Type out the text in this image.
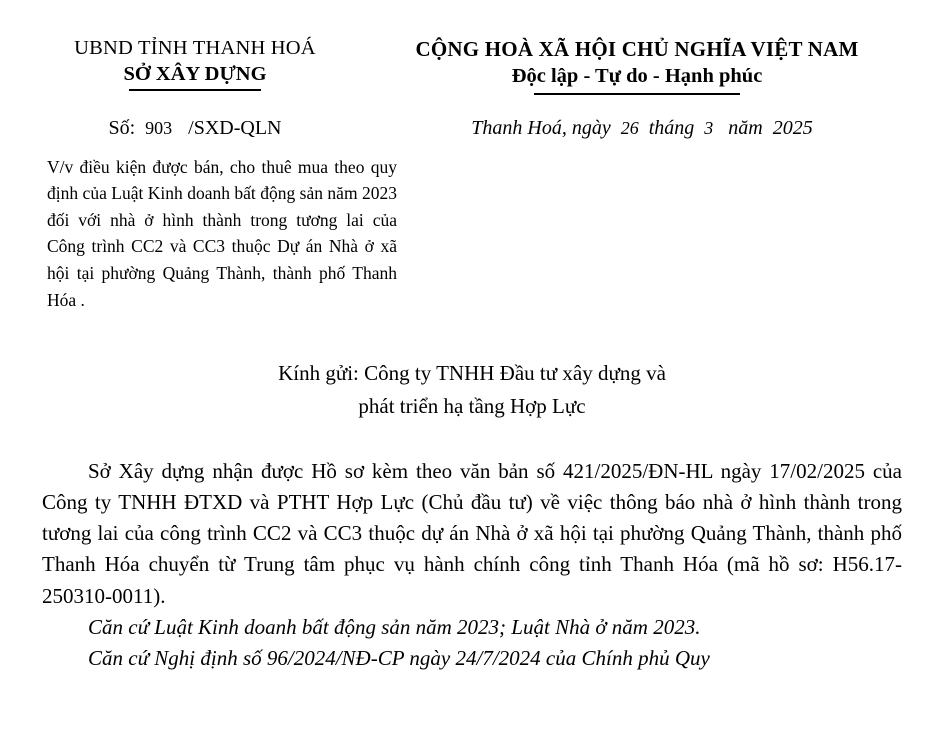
UBND TỈNH THANH HOÁ
SỞ XÂY DỰNG
CỘNG HOÀ XÃ HỘI CHỦ NGHĨA VIỆT NAM
Độc lập - Tự do - Hạnh phúc
Số: 903 /SXD-QLN	Thanh Hoá, ngày 26 tháng 3 năm 2025
V/v điều kiện được bán, cho thuê mua theo quy định của Luật Kinh doanh bất động sản năm 2023 đối với nhà ở hình thành trong tương lai của Công trình CC2 và CC3 thuộc Dự án Nhà ở xã hội tại phường Quảng Thành, thành phố Thanh Hóa .
Kính gửi: Công ty TNHH Đầu tư xây dựng và
phát triển hạ tầng Hợp Lực

Sở Xây dựng nhận được Hồ sơ kèm theo văn bản số 421/2025/ĐN-HL ngày 17/02/2025 của Công ty TNHH ĐTXD và PTHT Hợp Lực (Chủ đầu tư) về việc thông báo nhà ở hình thành trong tương lai của công trình CC2 và CC3 thuộc dự án Nhà ở xã hội tại phường Quảng Thành, thành phố Thanh Hóa chuyển từ Trung tâm phục vụ hành chính công tỉnh Thanh Hóa (mã hồ sơ: H56.17-250310-0011).

Căn cứ Luật Kinh doanh bất động sản năm 2023; Luật Nhà ở năm 2023.

Căn cứ Nghị định số 96/2024/NĐ-CP ngày 24/7/2024 của Chính phủ Quy
